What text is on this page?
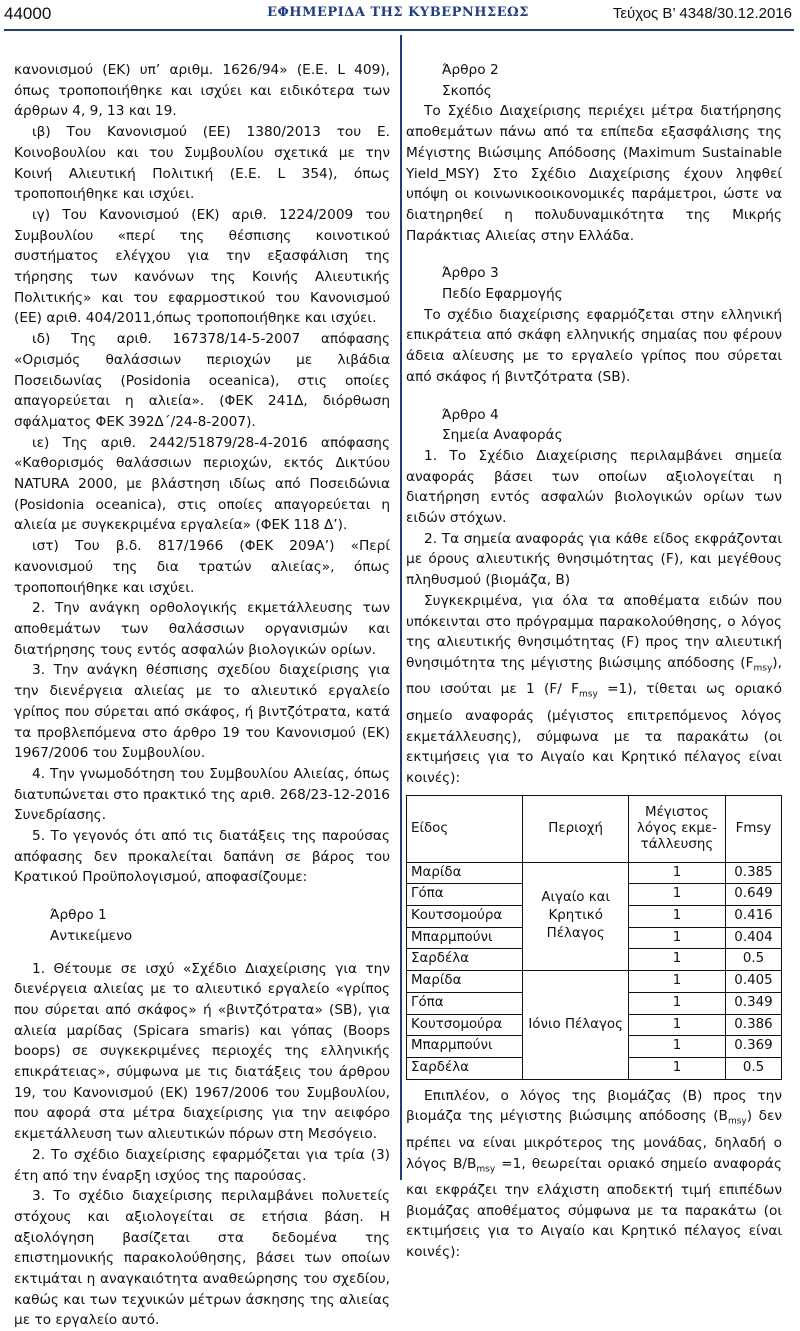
44000	ΕΦΗΜΕΡΙΔΑ ΤΗΣ ΚΥΒΕΡΝΗΣΕΩΣ	Τεύχος Β’ 4348/30.12.2016

κανονισμού (ΕΚ) υπ’ αριθμ. 1626/94» (Ε.Ε. L 409), όπως τροποποιήθηκε και ισχύει και ειδικότερα των άρθρων 4, 9, 13 και 19.

ιβ) Του Κανονισμού (ΕΕ) 1380/2013 του Ε. Κοινοβουλίου και του Συμβουλίου σχετικά με την Κοινή Αλιευτική Πολιτική (Ε.Ε. L 354), όπως τροποποιήθηκε και ισχύει.

ιγ) Του Κανονισμού (ΕΚ) αριθ. 1224/2009 του Συμβουλίου «περί της θέσπισης κοινοτικού συστήματος ελέγχου για την εξασφάλιση της τήρησης των κανόνων της Κοινής Αλιευτικής Πολιτικής» και του εφαρμοστικού του Κανονισμού (ΕΕ) αριθ. 404/2011,όπως τροποποιήθηκε και ισχύει.

ιδ) Της αριθ. 167378/14-5-2007 απόφασης «Ορισμός θαλάσσιων περιοχών με λιβάδια Ποσειδωνίας (Posidonia oceanica), στις οποίες απαγορεύεται η αλιεία». (ΦΕΚ 241Δ, διόρθωση σφάλματος ΦΕΚ 392Δ΄/24-8-2007).

ιε) Της αριθ. 2442/51879/28-4-2016 απόφασης «Καθορισμός θαλάσσιων περιοχών, εκτός Δικτύου NATURA 2000, με βλάστηση ιδίως από Ποσειδώνια (Posidonia oceanica), στις οποίες απαγορεύεται η αλιεία με συγκεκριμένα εργαλεία» (ΦΕΚ 118 Δ’).

ιστ) Του β.δ. 817/1966 (ΦΕΚ 209Α’) «Περί κανονισμού της δια τρατών αλιείας», όπως τροποποιήθηκε και ισχύει.

2. Την ανάγκη ορθολογικής εκμετάλλευσης των αποθεμάτων των θαλάσσιων οργανισμών και διατήρησης τους εντός ασφαλών βιολογικών ορίων.

3. Την ανάγκη θέσπισης σχεδίου διαχείρισης για την διενέργεια αλιείας με το αλιευτικό εργαλείο γρίπος που σύρεται από σκάφος, ή βιντζότρατα, κατά τα προβλεπόμενα στο άρθρο 19 του Κανονισμού (ΕΚ) 1967/2006 του Συμβουλίου.

4. Την γνωμοδότηση του Συμβουλίου Αλιείας, όπως διατυπώνεται στο πρακτικό της αριθ. 268/23-12-2016 Συνεδρίασης.

5. Το γεγονός ότι από τις διατάξεις της παρούσας απόφασης δεν προκαλείται δαπάνη σε βάρος του Κρατικού Προϋπολογισμού, αποφασίζουμε:

Άρθρο 1

Αντικείμενο

1. Θέτουμε σε ισχύ «Σχέδιο Διαχείρισης για την διενέργεια αλιείας με το αλιευτικό εργαλείο «γρίπος που σύρεται από σκάφος» ή «βιντζότρατα» (SB), για αλιεία μαρίδας (Spicara smaris) και γόπας (Boops boops) σε συγκεκριμένες περιοχές της ελληνικής επικράτειας», σύμφωνα με τις διατάξεις του άρθρου 19, του Κανονισμού (ΕΚ) 1967/2006 του Συμβουλίου, που αφορά στα μέτρα διαχείρισης για την αειφόρο εκμετάλλευση των αλιευτικών πόρων στη Μεσόγειο.

2. Το σχέδιο διαχείρισης εφαρμόζεται για τρία (3) έτη από την έναρξη ισχύος της παρούσας.

3. Το σχέδιο διαχείρισης περιλαμβάνει πολυετείς στόχους και αξιολογείται σε ετήσια βάση. Η αξιολόγηση βασίζεται στα δεδομένα της επιστημονικής παρακολούθησης, βάσει των οποίων εκτιμάται η αναγκαιότητα αναθεώρησης του σχεδίου, καθώς και των τεχνικών μέτρων άσκησης της αλιείας με το εργαλείο αυτό.

Άρθρο 2

Σκοπός

Το Σχέδιο Διαχείρισης περιέχει μέτρα διατήρησης αποθεμάτων πάνω από τα επίπεδα εξασφάλισης της Μέγιστης Βιώσιμης Απόδοσης (Maximum Sustainable Yield_MSY) Στο Σχέδιο Διαχείρισης έχουν ληφθεί υπόψη οι κοινωνικοοικονομικές παράμετροι, ώστε να διατηρηθεί η πολυδυναμικότητα της Μικρής Παράκτιας Αλιείας στην Ελλάδα.

Άρθρο 3

Πεδίο Εφαρμογής

Το σχέδιο διαχείρισης εφαρμόζεται στην ελληνική επικράτεια από σκάφη ελληνικής σημαίας που φέρουν άδεια αλίευσης με το εργαλείο γρίπος που σύρεται από σκάφος ή βιντζότρατα (SB).

Άρθρο 4

Σημεία Αναφοράς

1. Το Σχέδιο Διαχείρισης περιλαμβάνει σημεία αναφοράς βάσει των οποίων αξιολογείται η διατήρηση εντός ασφαλών βιολογικών ορίων των ειδών στόχων.

2. Τα σημεία αναφοράς για κάθε είδος εκφράζονται με όρους αλιευτικής θνησιμότητας (F), και μεγέθους πληθυσμού (βιομάζα, B)

Συγκεκριμένα, για όλα τα αποθέματα ειδών που υπόκεινται στο πρόγραμμα παρακολούθησης, ο λόγος της αλιευτικής θνησιμότητας (F) προς την αλιευτική θνησιμότητα της μέγιστης βιώσιμης απόδοσης $(F_{msy})$, που ισούται με 1 (F/ $F_{msy} =1$), τίθεται ως οριακό σημείο αναφοράς (μέγιστος επιτρεπόμενος λόγος εκμετάλλευσης), σύμφωνα με τα παρακάτω (οι εκτιμήσεις για το Αιγαίο και Κρητικό πέλαγος είναι κοινές):

Είδος	Περιοχή	Μέγιστος λόγος εκμε-τάλλευσης	Fmsy
Μαρίδα	Αιγαίο και Κρητικό Πέλαγος	1	0.385
Γόπα		1	0.649
Κουτσομούρα		1	0.416
Μπαρμπούνι		1	0.404
Σαρδέλα		1	0.5
Μαρίδα	Ιόνιο Πέλαγος	1	0.405
Γόπα		1	0.349
Κουτσομούρα		1	0.386
Μπαρμπούνι		1	0.369
Σαρδέλα		1	0.5

Επιπλέον, ο λόγος της βιομάζας (B) προς την βιομάζα της μέγιστης βιώσιμης απόδοσης $(B_{msy})$ δεν πρέπει να είναι μικρότερος της μονάδας, δηλαδή ο λόγος $B/B_{msy} =1$, θεωρείται οριακό σημείο αναφοράς και εκφράζει την ελάχιστη αποδεκτή τιμή επιπέδων βιομάζας αποθέματος σύμφωνα με τα παρακάτω (οι εκτιμήσεις για το Αιγαίο και Κρητικό πέλαγος είναι κοινές):
